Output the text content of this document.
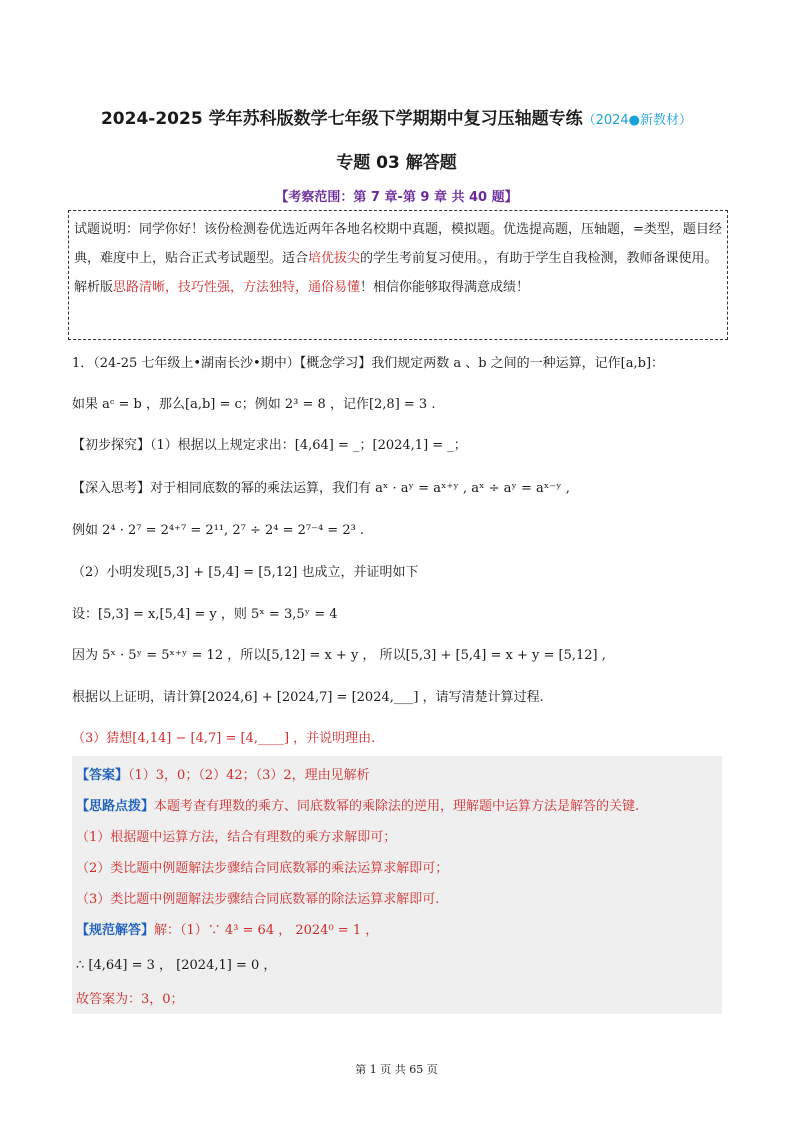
2024-2025 学年苏科版数学七年级下学期期中复习压轴题专练（2024●新教材）
专题 03 解答题
【考察范围：第 7 章-第 9 章 共 40 题】
试题说明：同学你好！该份检测卷优选近两年各地名校期中真题，模拟题。优选提高题，压轴题，=类型，题目经典，难度中上，贴合正式考试题型。适合培优拔尖的学生考前复习使用。，有助于学生自我检测，教师备课使用。解析版思路清晰，技巧性强，方法独特，通俗易懂！相信你能够取得满意成绩！
1．（24-25 七年级上•湖南长沙•期中）【概念学习】我们规定两数 a 、b 之间的一种运算，记作[a,b]：
如果 aᶜ = b ，那么[a,b] = c；例如 2³ = 8 ，记作[2,8] = 3 .
【初步探究】（1）根据以上规定求出：[4,64] = _；[2024,1] = _；
【深入思考】对于相同底数的幂的乘法运算，我们有 aˣ · aʸ = aˣ⁺ʸ , aˣ ÷ aʸ = aˣ⁻ʸ ,
例如 2⁴ · 2⁷ = 2⁴⁺⁷ = 2¹¹, 2⁷ ÷ 2⁴ = 2⁷⁻⁴ = 2³ .
（2）小明发现[5,3] + [5,4] = [5,12] 也成立，并证明如下
设：[5,3] = x,[5,4] = y ，则 5ˣ = 3,5ʸ = 4
因为 5ˣ · 5ʸ = 5ˣ⁺ʸ = 12 ，所以[5,12] = x + y ， 所以[5,3] + [5,4] = x + y = [5,12] ,
根据以上证明，请计算[2024,6] + [2024,7] = [2024,___] ，请写清楚计算过程.
（3）猜想[4,14] − [4,7] = [4,____] ，并说明理由.
【答案】（1）3，0；（2）42；（3）2，理由见解析
【思路点拨】本题考查有理数的乘方、同底数幂的乘除法的逆用，理解题中运算方法是解答的关键.
（1）根据题中运算方法，结合有理数的乘方求解即可；
（2）类比题中例题解法步骤结合同底数幂的乘法运算求解即可；
（3）类比题中例题解法步骤结合同底数幂的除法运算求解即可.
【规范解答】解：（1）∵ 4³ = 64 ， 2024⁰ = 1 ，
∴ [4,64] = 3 ， [2024,1] = 0 ，
故答案为：3，0；
第 1 页 共 65 页
